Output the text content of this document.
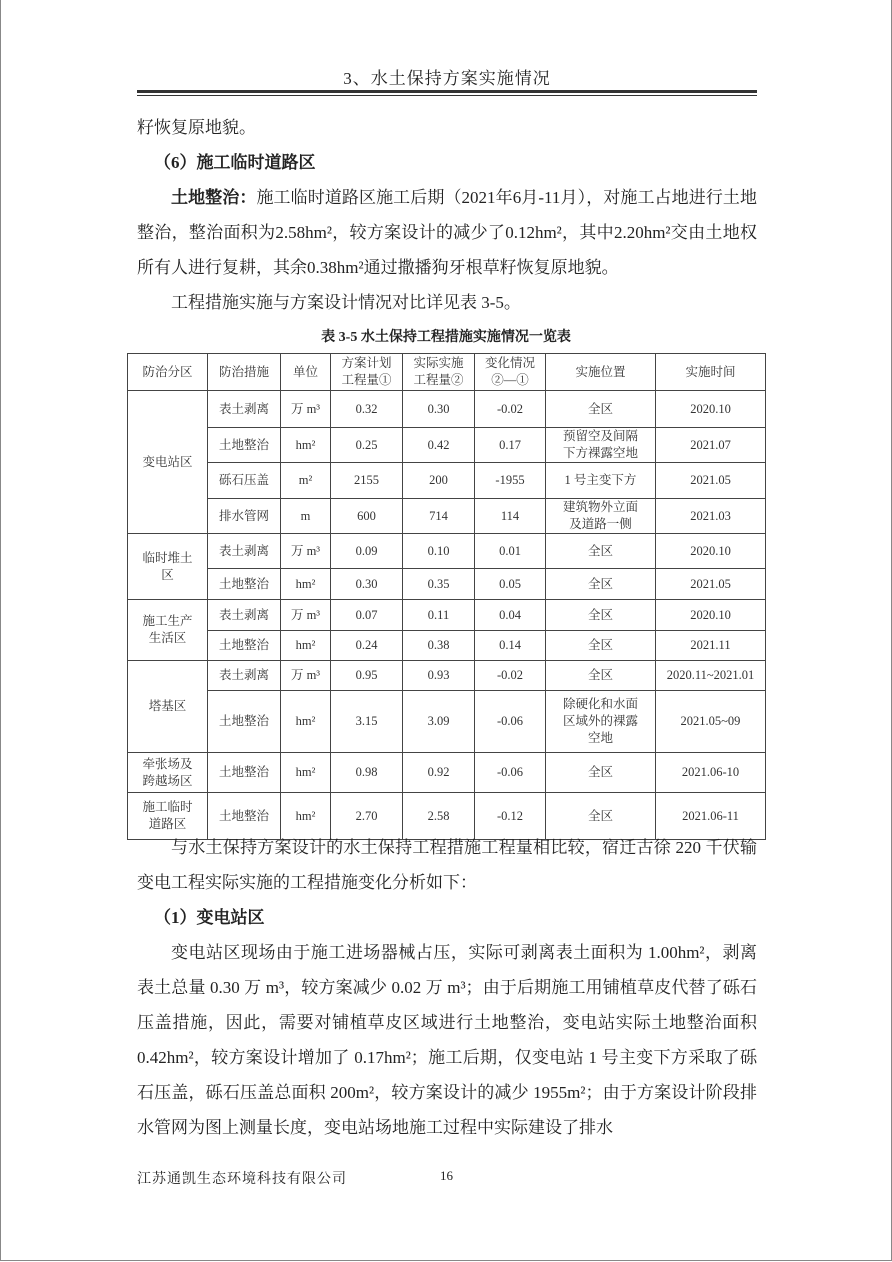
3、水土保持方案实施情况
籽恢复原地貌。
（6）施工临时道路区
土地整治：施工临时道路区施工后期（2021年6月-11月），对施工占地进行土地整治，整治面积为2.58hm²，较方案设计的减少了0.12hm²，其中2.20hm²交由土地权所有人进行复耕，其余0.38hm²通过撒播狗牙根草籽恢复原地貌。
工程措施实施与方案设计情况对比详见表 3-5。
表 3-5 水土保持工程措施实施情况一览表
防治分区	防治措施	单位	方案计划工程量①	实际实施工程量②	变化情况②—①	实施位置	实施时间
变电站区	表土剥离	万 m³	0.32	0.30	-0.02	全区	2020.10
	土地整治	hm²	0.25	0.42	0.17	预留空及间隔下方裸露空地	2021.07
	砾石压盖	m²	2155	200	-1955	1 号主变下方	2021.05
	排水管网	m	600	714	114	建筑物外立面及道路一侧	2021.03
临时堆土区	表土剥离	万 m³	0.09	0.10	0.01	全区	2020.10
	土地整治	hm²	0.30	0.35	0.05	全区	2021.05
施工生产生活区	表土剥离	万 m³	0.07	0.11	0.04	全区	2020.10
	土地整治	hm²	0.24	0.38	0.14	全区	2021.11
塔基区	表土剥离	万 m³	0.95	0.93	-0.02	全区	2020.11~2021.01
	土地整治	hm²	3.15	3.09	-0.06	除硬化和水面区域外的裸露空地	2021.05~09
牵张场及跨越场区	土地整治	hm²	0.98	0.92	-0.06	全区	2021.06-10
施工临时道路区	土地整治	hm²	2.70	2.58	-0.12	全区	2021.06-11
与水土保持方案设计的水土保持工程措施工程量相比较，宿迁古徐 220 千伏输变电工程实际实施的工程措施变化分析如下：
（1）变电站区
变电站区现场由于施工进场器械占压，实际可剥离表土面积为 1.00hm²，剥离表土总量 0.30 万 m³，较方案减少 0.02 万 m³；由于后期施工用铺植草皮代替了砾石压盖措施，因此，需要对铺植草皮区域进行土地整治，变电站实际土地整治面积 0.42hm²，较方案设计增加了 0.17hm²；施工后期，仅变电站 1 号主变下方采取了砾石压盖，砾石压盖总面积 200m²，较方案设计的减少 1955m²；由于方案设计阶段排水管网为图上测量长度，变电站场地施工过程中实际建设了排水
江苏通凯生态环境科技有限公司	16
